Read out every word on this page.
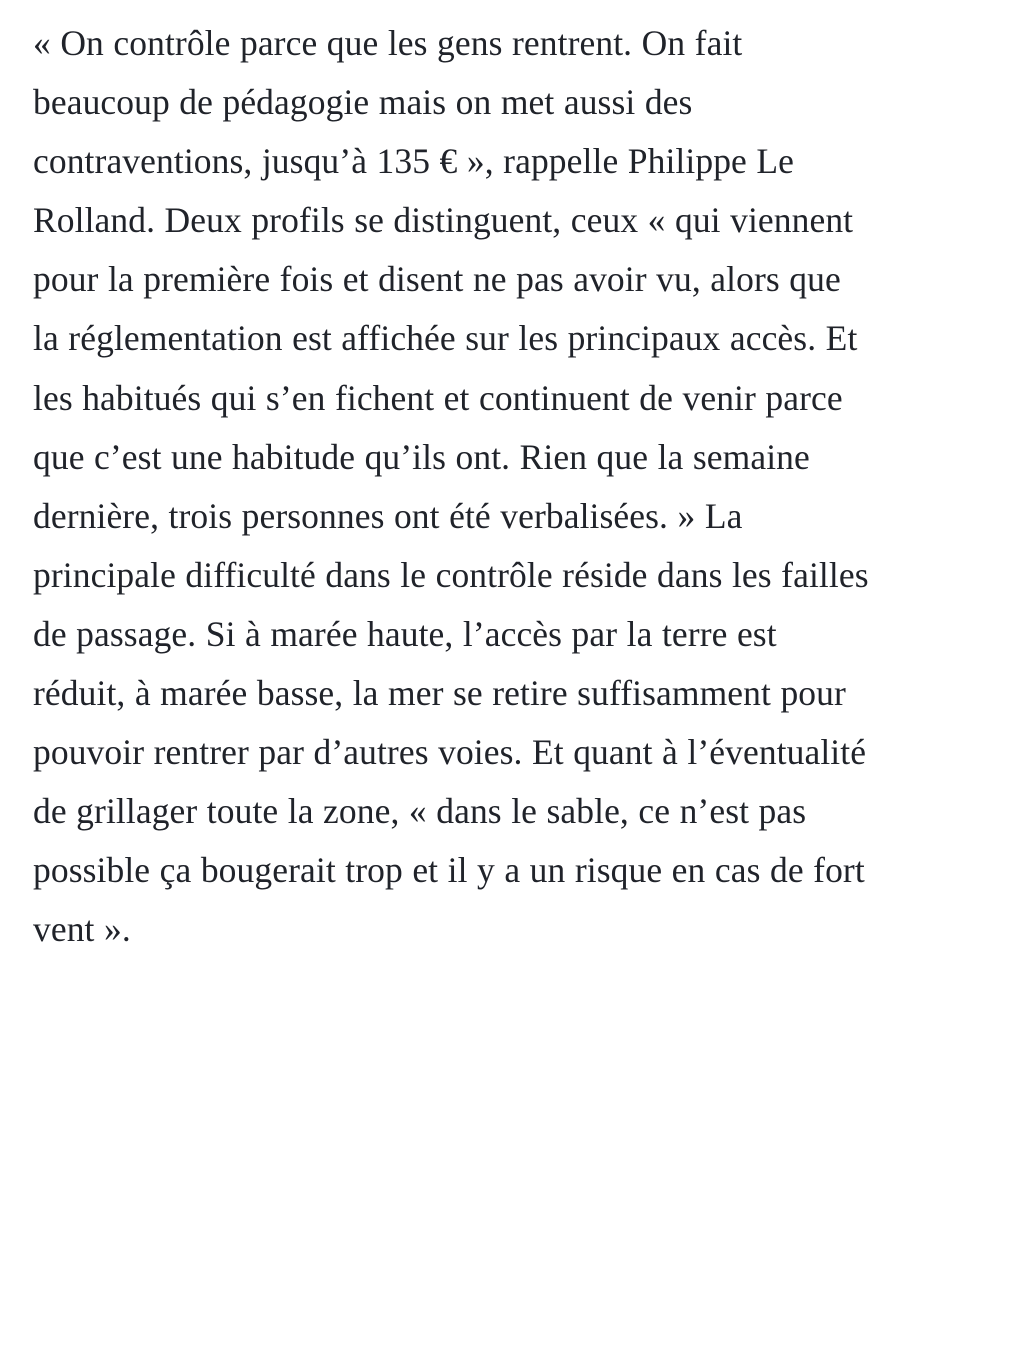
« On contrôle parce que les gens rentrent. On fait beaucoup de pédagogie mais on met aussi des contraventions, jusqu’à 135 € », rappelle Philippe Le Rolland. Deux profils se distinguent, ceux « qui viennent pour la première fois et disent ne pas avoir vu, alors que la réglementation est affichée sur les principaux accès. Et les habitués qui s’en fichent et continuent de venir parce que c’est une habitude qu’ils ont. Rien que la semaine dernière, trois personnes ont été verbalisées. » La principale difficulté dans le contrôle réside dans les failles de passage. Si à marée haute, l’accès par la terre est réduit, à marée basse, la mer se retire suffisamment pour pouvoir rentrer par d’autres voies. Et quant à l’éventualité de grillager toute la zone, « dans le sable, ce n’est pas possible ça bougerait trop et il y a un risque en cas de fort vent ».
